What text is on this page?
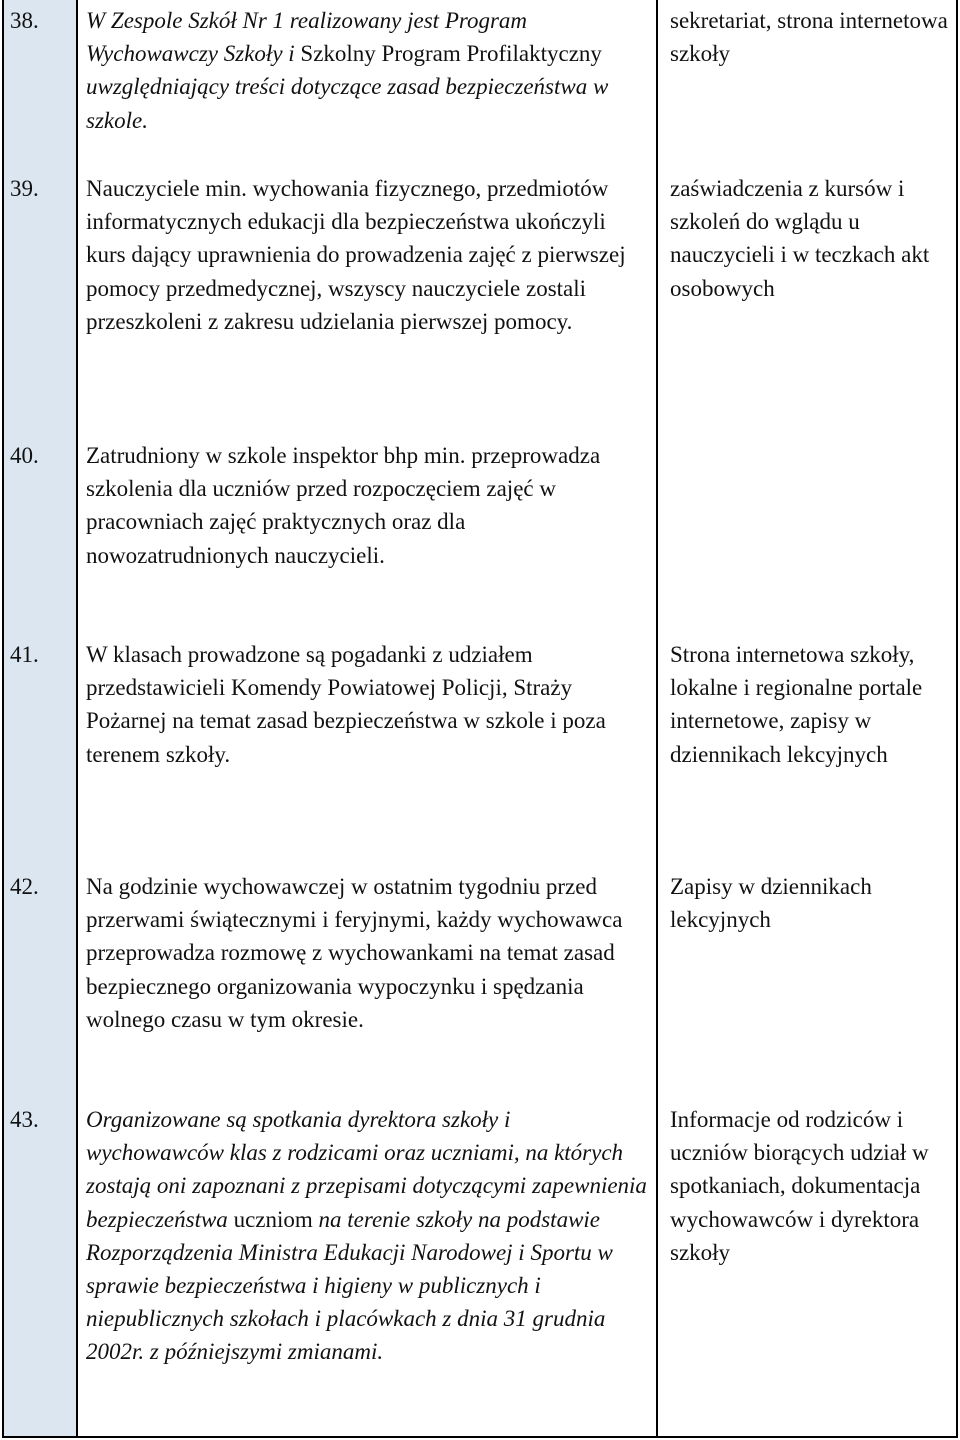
38. W Zespole Szkół Nr 1 realizowany jest Program Wychowawczy Szkoły i Szkolny Program Profilaktyczny uwzględniający treści dotyczące zasad bezpieczeństwa w szkole.

sekretariat, strona internetowa szkoły

39. Nauczyciele min. wychowania fizycznego, przedmiotów informatycznych edukacji dla bezpieczeństwa ukończyli kurs dający uprawnienia do prowadzenia zajęć z pierwszej pomocy przedmedycznej, wszyscy nauczyciele zostali przeszkoleni z zakresu udzielania pierwszej pomocy.

zaświadczenia z kursów i szkoleń do wglądu u nauczycieli i w teczkach akt osobowych

40. Zatrudniony w szkole inspektor bhp min. przeprowadza szkolenia dla uczniów przed rozpoczęciem zajęć w pracowniach zajęć praktycznych oraz dla nowozatrudnionych nauczycieli.

41. W klasach prowadzone są pogadanki z udziałem przedstawicieli Komendy Powiatowej Policji, Straży Pożarnej na temat zasad bezpieczeństwa w szkole i poza terenem szkoły.

Strona internetowa szkoły, lokalne i regionalne portale internetowe, zapisy w dziennikach lekcyjnych

42. Na godzinie wychowawczej w ostatnim tygodniu przed przerwami świątecznymi i feryjnymi, każdy wychowawca przeprowadza rozmowę z wychowankami na temat zasad bezpiecznego organizowania wypoczynku i spędzania wolnego czasu w tym okresie.

Zapisy w dziennikach lekcyjnych

43. Organizowane są spotkania dyrektora szkoły i wychowawców klas z rodzicami oraz uczniami, na których zostają oni zapoznani z przepisami dotyczącymi zapewnienia bezpieczeństwa uczniom na terenie szkoły na podstawie Rozporządzenia Ministra Edukacji Narodowej i Sportu w sprawie bezpieczeństwa i higieny w publicznych i niepublicznych szkołach i placówkach z dnia 31 grudnia 2002r. z późniejszymi zmianami.

Informacje od rodziców i uczniów biorących udział w spotkaniach, dokumentacja wychowawców i dyrektora szkoły
